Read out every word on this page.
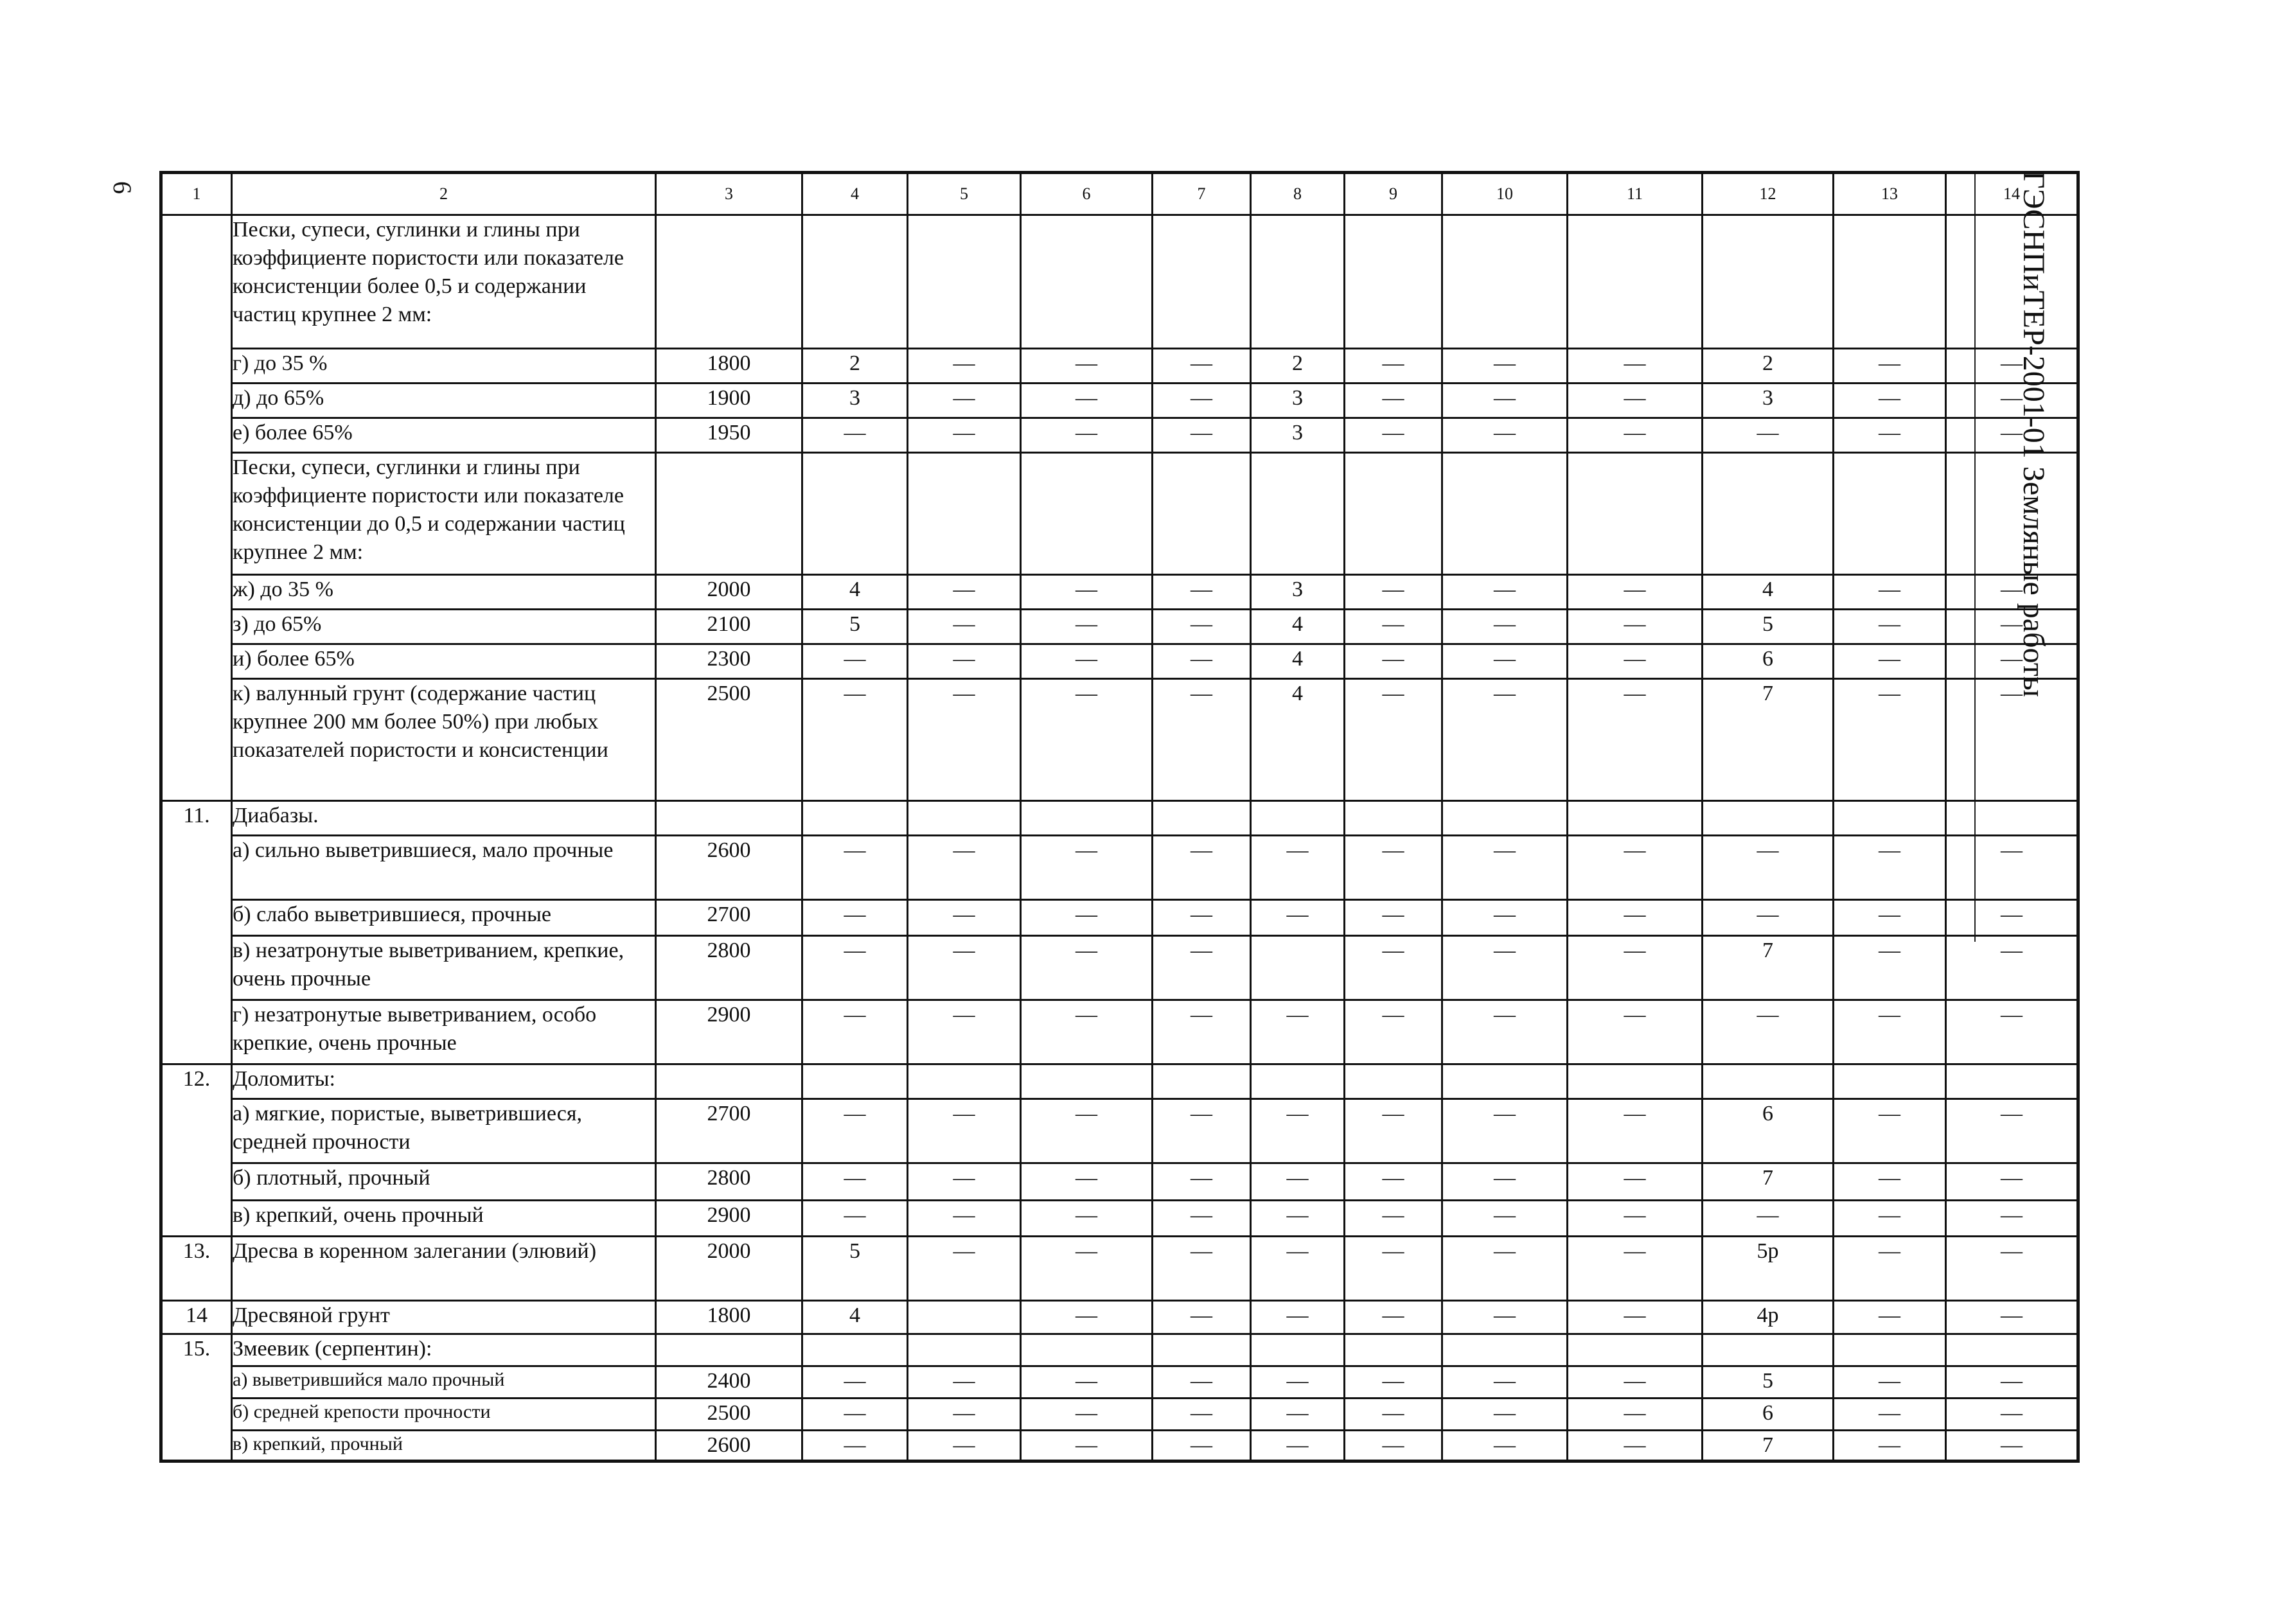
6	ГЭСНПиТЕР-2001-01 Земляные работы
1	2	3	4	5	6	7	8	9	10	11	12	13	14
	Пески, супеси, суглинки и глины при коэффициенте пористости или показателе консистенции более 0,5 и содержании частиц крупнее 2 мм:												
	г) до 35 %	1800	2	—	—	—	2	—	—	—	2	—	—
	д) до 65%	1900	3	—	—	—	3	—	—	—	3	—	—
	е) более 65%	1950	—	—	—	—	3	—	—	—	—	—	—
	Пески, супеси, суглинки и глины при коэффициенте пористости или показателе консистенции до 0,5 и содержании частиц крупнее 2 мм:												
	ж) до 35 %	2000	4	—	—	—	3	—	—	—	4	—	—
	з) до 65%	2100	5	—	—	—	4	—	—	—	5	—	—
	и) более 65%	2300	—	—	—	—	4	—	—	—	6	—	—
	к) валунный грунт (содержание частиц крупнее 200 мм более 50%) при любых показателей пористости и консистенции	2500	—	—	—	—	4	—	—	—	7	—	—
11.	Диабазы.												
	а) сильно выветрившиеся, мало прочные	2600	—	—	—	—	—	—	—	—	—	—	—
	б) слабо выветрившиеся, прочные	2700	—	—	—	—	—	—	—	—	—	—	—
	в) незатронутые выветриванием, крепкие, очень прочные	2800	—	—	—	—		—	—	—	7	—	—
	г) незатронутые выветриванием, особо крепкие, очень прочные	2900	—	—	—	—	—	—	—	—	—	—	—
12.	Доломиты:												
	а) мягкие, пористые, выветрившиеся, средней прочности	2700	—	—	—	—	—	—	—	—	6	—	—
	б) плотный, прочный	2800	—	—	—	—	—	—	—	—	7	—	—
	в) крепкий, очень прочный	2900	—	—	—	—	—	—	—	—	—	—	—
13.	Дресва в коренном залегании (элювий)	2000	5	—	—	—	—	—	—	—	5р	—	—
14	Дресвяной грунт	1800	4		—	—	—	—	—	—	4р	—	—
15.	Змеевик (серпентин):												
	а) выветрившийся мало прочный	2400	—	—	—	—	—	—	—	—	5	—	—
	б) средней крепости прочности	2500	—	—	—	—	—	—	—	—	6	—	—
	в) крепкий, прочный	2600	—	—	—	—	—	—	—	—	7	—	—
